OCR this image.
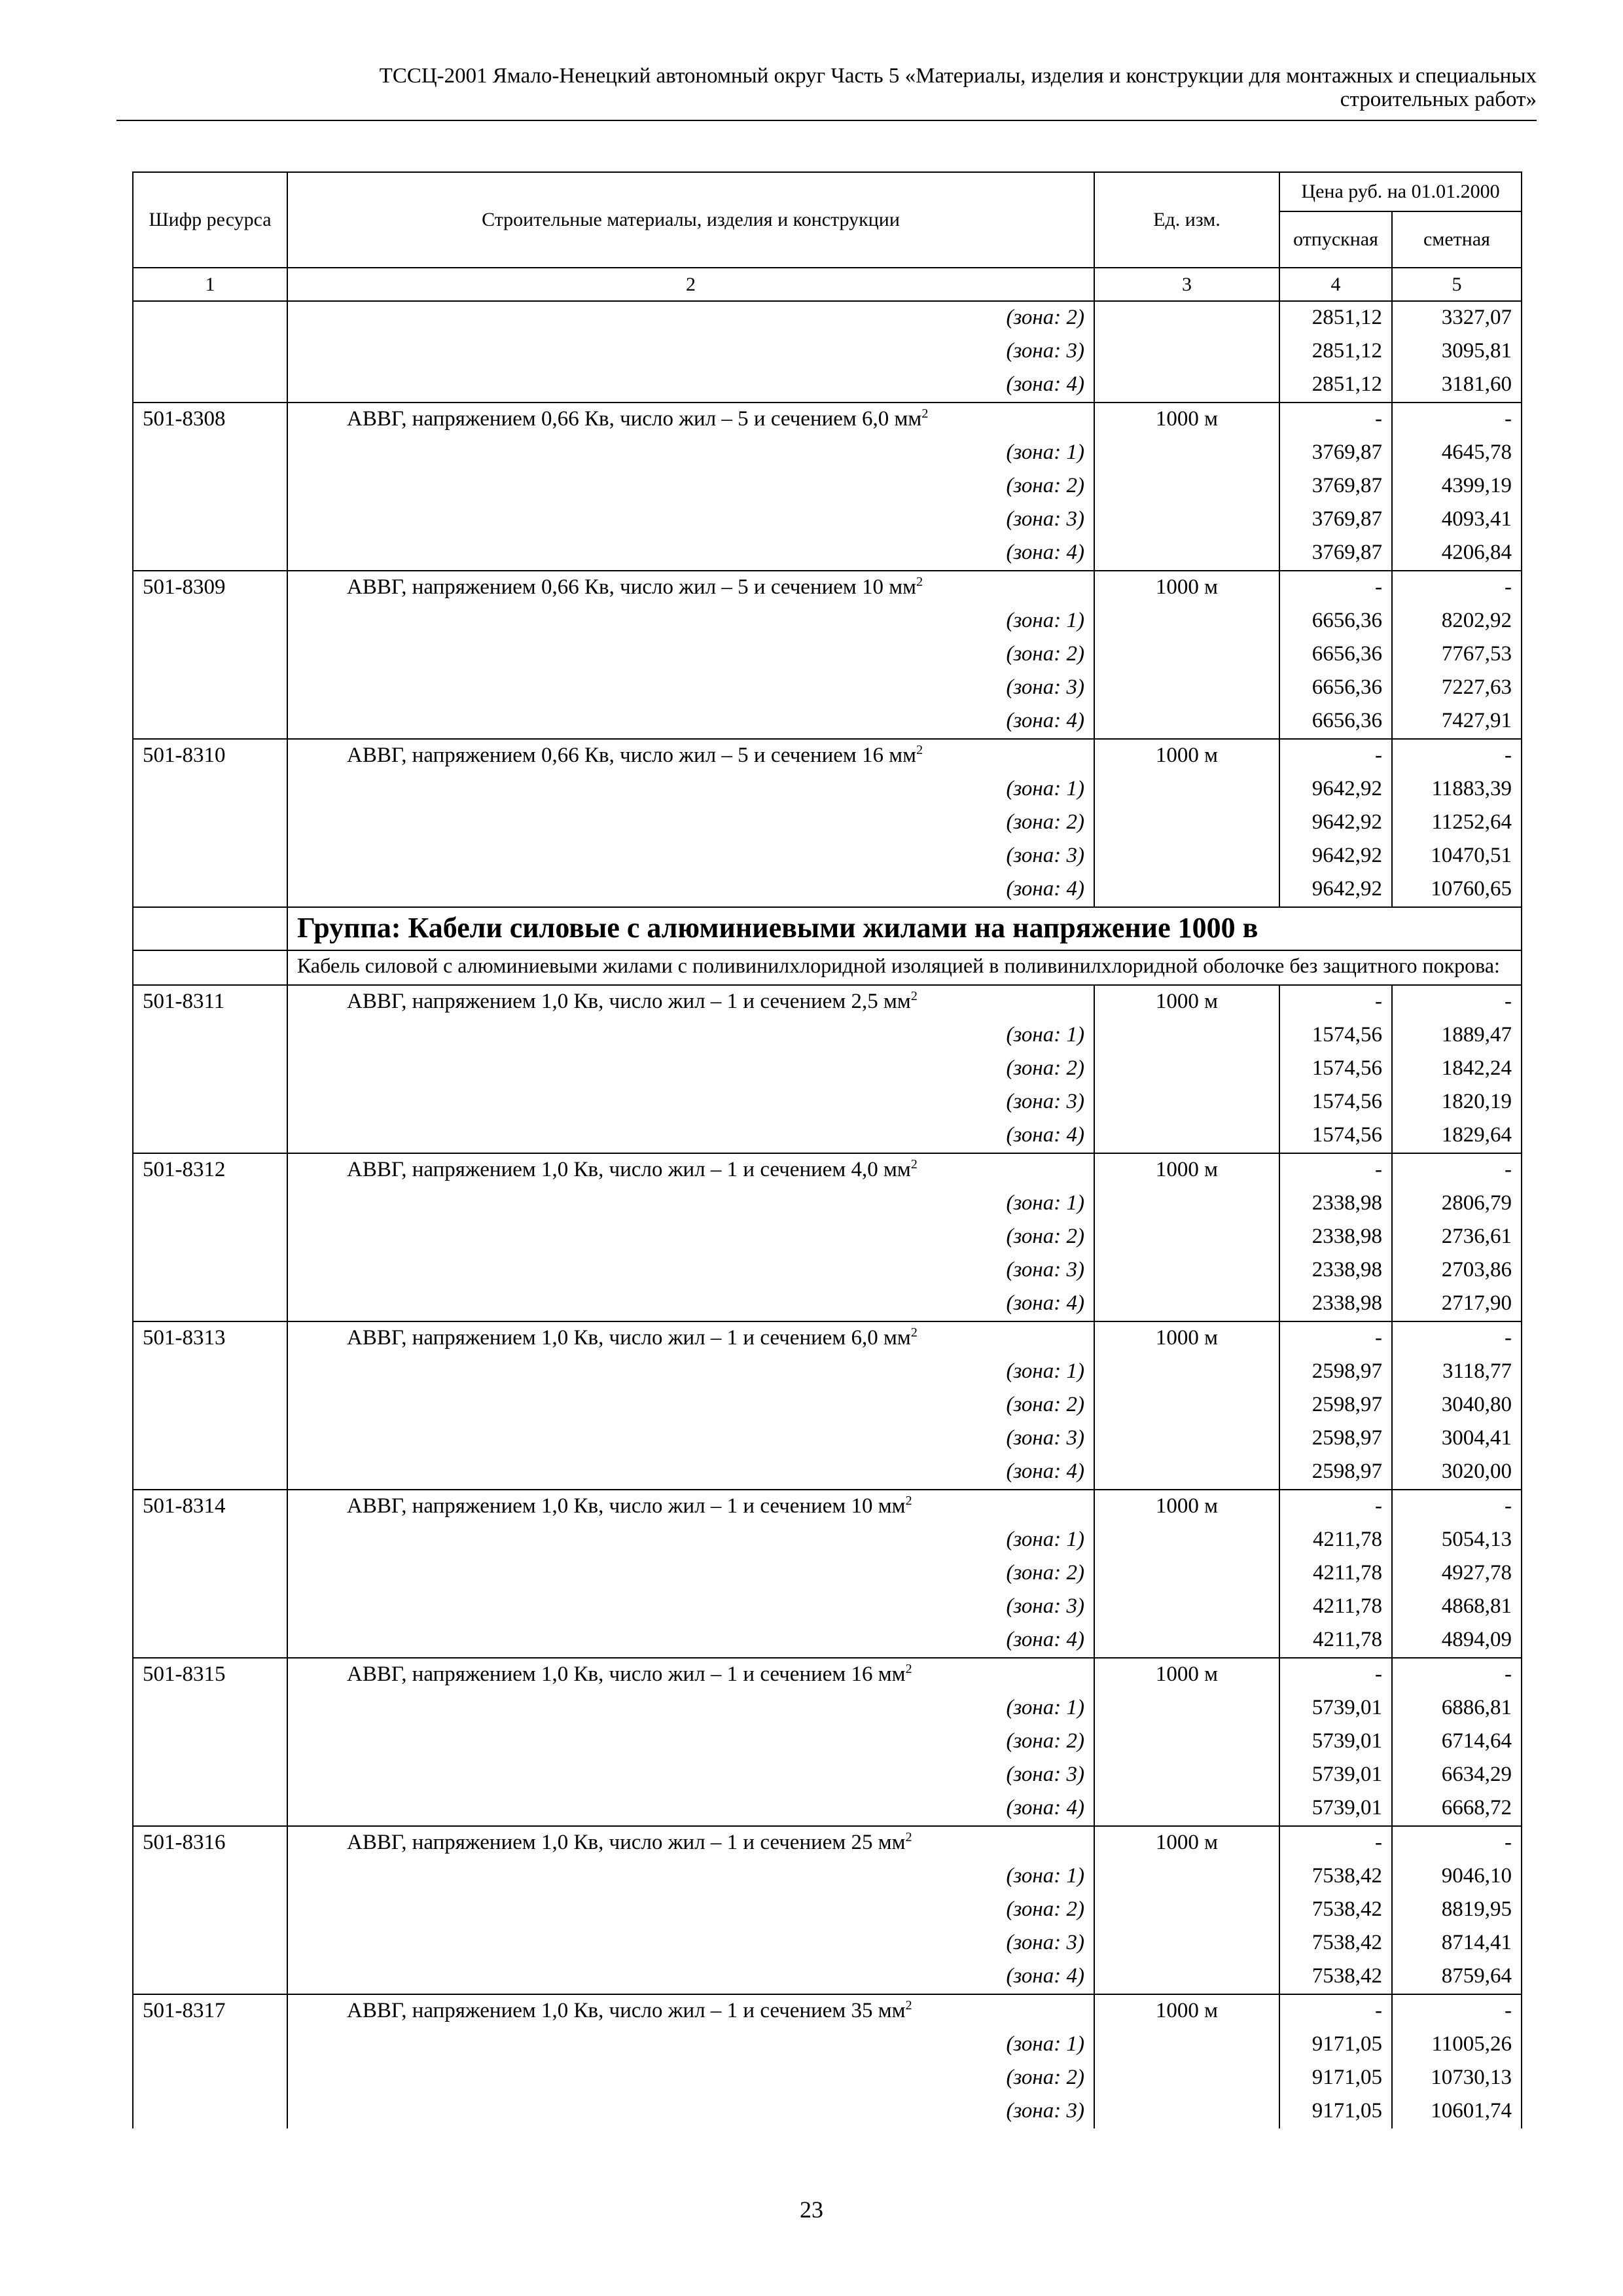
ТССЦ-2001 Ямало-Ненецкий автономный округ Часть 5 «Материалы, изделия и конструкции для монтажных и специальных
строительных работ»
Шифр ресурса	Строительные материалы, изделия и конструкции	Ед. изм.	Цена руб. на 01.01.2000	
			отпускная	сметная
1	2	3	4	5
	(зона: 2)		2851,12	3327,07
	(зона: 3)		2851,12	3095,81
	(зона: 4)		2851,12	3181,60
501-8308	АВВГ, напряжением 0,66 Кв, число жил – 5 и сечением 6,0 $мм^2$	1000 м	-	-
	(зона: 1)		3769,87	4645,78
	(зона: 2)		3769,87	4399,19
	(зона: 3)		3769,87	4093,41
	(зона: 4)		3769,87	4206,84
501-8309	АВВГ, напряжением 0,66 Кв, число жил – 5 и сечением 10 $мм^2$	1000 м	-	-
	(зона: 1)		6656,36	8202,92
	(зона: 2)		6656,36	7767,53
	(зона: 3)		6656,36	7227,63
	(зона: 4)		6656,36	7427,91
501-8310	АВВГ, напряжением 0,66 Кв, число жил – 5 и сечением 16 $мм^2$	1000 м	-	-
	(зона: 1)		9642,92	11883,39
	(зона: 2)		9642,92	11252,64
	(зона: 3)		9642,92	10470,51
	(зона: 4)		9642,92	10760,65
	Группа: Кабели силовые с алюминиевыми жилами на напряжение 1000 в			
	Кабель силовой с алюминиевыми жилами с поливинилхлоридной изоляцией в поливинилхлоридной оболочке без защитного покрова:			
501-8311	АВВГ, напряжением 1,0 Кв, число жил – 1 и сечением 2,5 $мм^2$	1000 м	-	-
	(зона: 1)		1574,56	1889,47
	(зона: 2)		1574,56	1842,24
	(зона: 3)		1574,56	1820,19
	(зона: 4)		1574,56	1829,64
501-8312	АВВГ, напряжением 1,0 Кв, число жил – 1 и сечением 4,0 $мм^2$	1000 м	-	-
	(зона: 1)		2338,98	2806,79
	(зона: 2)		2338,98	2736,61
	(зона: 3)		2338,98	2703,86
	(зона: 4)		2338,98	2717,90
501-8313	АВВГ, напряжением 1,0 Кв, число жил – 1 и сечением 6,0 $мм^2$	1000 м	-	-
	(зона: 1)		2598,97	3118,77
	(зона: 2)		2598,97	3040,80
	(зона: 3)		2598,97	3004,41
	(зона: 4)		2598,97	3020,00
501-8314	АВВГ, напряжением 1,0 Кв, число жил – 1 и сечением 10 $мм^2$	1000 м	-	-
	(зона: 1)		4211,78	5054,13
	(зона: 2)		4211,78	4927,78
	(зона: 3)		4211,78	4868,81
	(зона: 4)		4211,78	4894,09
501-8315	АВВГ, напряжением 1,0 Кв, число жил – 1 и сечением 16 $мм^2$	1000 м	-	-
	(зона: 1)		5739,01	6886,81
	(зона: 2)		5739,01	6714,64
	(зона: 3)		5739,01	6634,29
	(зона: 4)		5739,01	6668,72
501-8316	АВВГ, напряжением 1,0 Кв, число жил – 1 и сечением 25 $мм^2$	1000 м	-	-
	(зона: 1)		7538,42	9046,10
	(зона: 2)		7538,42	8819,95
	(зона: 3)		7538,42	8714,41
	(зона: 4)		7538,42	8759,64
501-8317	АВВГ, напряжением 1,0 Кв, число жил – 1 и сечением 35 $мм^2$	1000 м	-	-
	(зона: 1)		9171,05	11005,26
	(зона: 2)		9171,05	10730,13
	(зона: 3)		9171,05	10601,74
23
